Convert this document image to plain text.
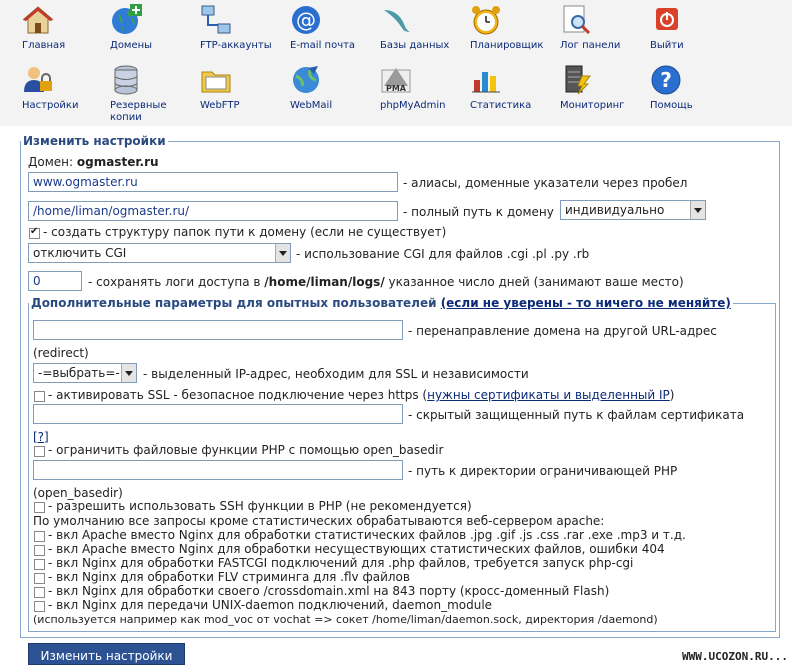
Главная	Домены	FTP-аккаунты
@
E-mail почта	Базы данных	Планировщик	Лог панели	Выйти
Настройки	Резервные копии
WebFTP	WebMail
PMA
phpMyAdmin	Статистика	Мониторинг
?
Помощь
Изменить настройки
Домен: ogmaster.ru
www.ogmaster.ru
- алиасы, доменные указатели через пробел
/home/liman/ogmaster.ru/
- полный путь к домену индивидуально
✔
- создать структуру папок пути к домену (если не существует)
отключить CGI	- использование CGI для файлов .cgi .pl .py .rb
0
- сохранять логи доступа в /home/liman/logs/ указанное число дней (занимают ваше место)
Дополнительные параметры для опытных пользователей (если не уверены - то ничего не меняйте)
- перенаправление домена на другой URL-адрес
(redirect)
-=выбрать=-	- выделенный IP-адрес, необходим для SSL и независимости
- активировать SSL - безопасное подключение через https (нужны сертификаты и выделенный IP)
- скрытый защищенный путь к файлам сертификата
[?]
- ограничить файловые функции PHP с помощью open_basedir
- путь к директории ограничивающей PHP
(open_basedir)
- разрешить использовать SSH функции в PHP (не рекомендуется)
По умолчанию все запросы кроме статистических обрабатываются веб-сервером apache:
- вкл Apache вместо Nginx для обработки статистических файлов .jpg .gif .js .css .rar .exe .mp3 и т.д.
- вкл Apache вместо Nginx для обработки несуществующих статистических файлов, ошибки 404
- вкл Nginx для обработки FASTCGI подключений для .php файлов, требуется запуск php-cgi
- вкл Nginx для обработки FLV стриминга для .flv файлов
- вкл Nginx для обработки своего /crossdomain.xml на 843 порту (кросс-доменный Flash)
- вкл Nginx для передачи UNIX-daemon подключений, daemon_module
(используется например как mod_voc от vochat => сокет /home/liman/daemon.sock, директория /daemond)
Изменить настройки	WWW.UCOZON.RU...
